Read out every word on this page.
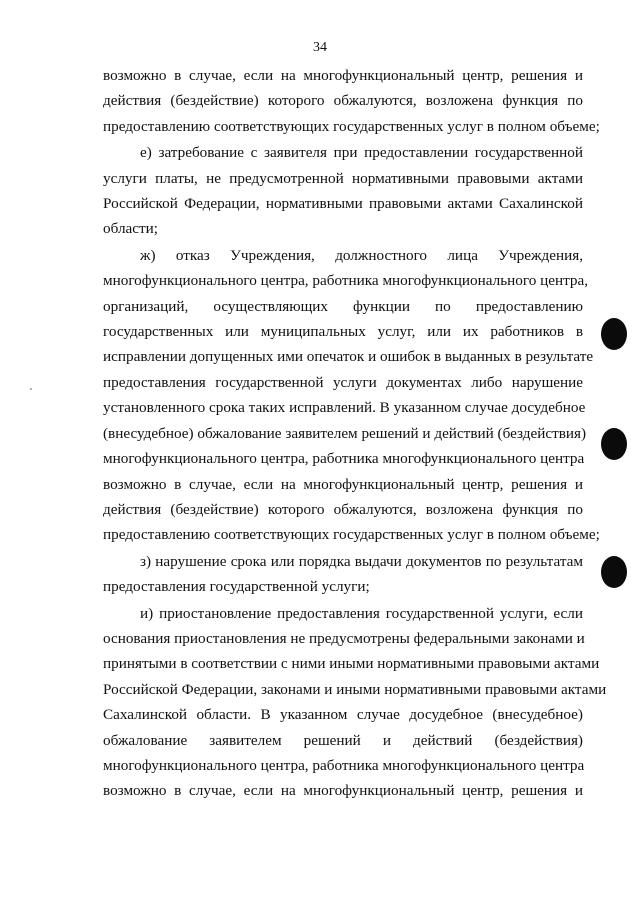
34
возможно в случае, если на многофункциональный центр, решения и
действия (бездействие) которого обжалуются, возложена функция по
предоставлению соответствующих государственных услуг в полном объеме;
е) затребование с заявителя при предоставлении государственной
услуги платы, не предусмотренной нормативными правовыми актами
Российской Федерации, нормативными правовыми актами Сахалинской
области;
ж) отказ Учреждения, должностного лица Учреждения,
многофункционального центра, работника многофункционального центра,
организаций, осуществляющих функции по предоставлению
государственных или муниципальных услуг, или их работников в
исправлении допущенных ими опечаток и ошибок в выданных в результате
предоставления государственной услуги документах либо нарушение
установленного срока таких исправлений. В указанном случае досудебное
(внесудебное) обжалование заявителем решений и действий (бездействия)
многофункционального центра, работника многофункционального центра
возможно в случае, если на многофункциональный центр, решения и
действия (бездействие) которого обжалуются, возложена функция по
предоставлению соответствующих государственных услуг в полном объеме;
з) нарушение срока или порядка выдачи документов по результатам
предоставления государственной услуги;
и) приостановление предоставления государственной услуги, если
основания приостановления не предусмотрены федеральными законами и
принятыми в соответствии с ними иными нормативными правовыми актами
Российской Федерации, законами и иными нормативными правовыми актами
Сахалинской области. В указанном случае досудебное (внесудебное)
обжалование заявителем решений и действий (бездействия)
многофункционального центра, работника многофункционального центра
возможно в случае, если на многофункциональный центр, решения и
